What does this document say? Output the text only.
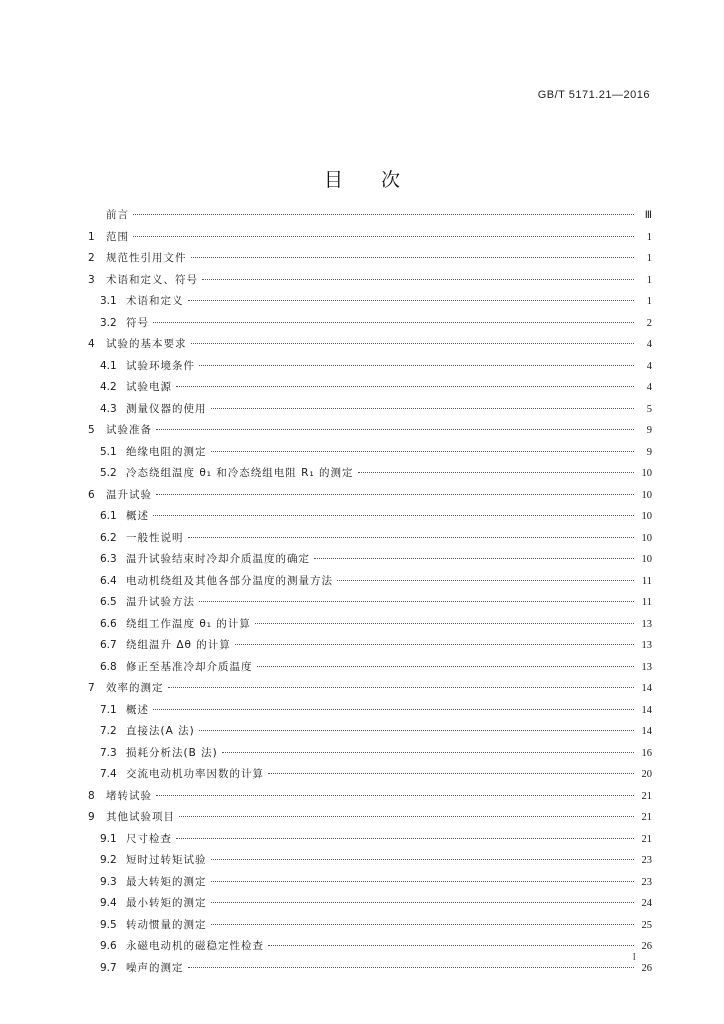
GB/T 5171.21—2016
目次
前言	Ⅲ
1	范围	1
2	规范性引用文件	1
3	术语和定义、符号	1
3.1 术语和定义	1
3.2 符号	2
4	试验的基本要求	4
4.1 试验环境条件	4
4.2 试验电源	4
4.3 测量仪器的使用	5
5	试验准备	9
5.1 绝缘电阻的测定	9
5.2 冷态绕组温度 θ₁ 和冷态绕组电阻 R₁ 的测定	10
6	温升试验	10
6.1 概述	10
6.2 一般性说明	10
6.3 温升试验结束时冷却介质温度的确定	10
6.4 电动机绕组及其他各部分温度的测量方法	11
6.5 温升试验方法	11
6.6 绕组工作温度 θ₁ 的计算	13
6.7 绕组温升 Δθ 的计算	13
6.8 修正至基准冷却介质温度	13
7	效率的测定	14
7.1 概述	14
7.2 直接法(A 法)	14
7.3 损耗分析法(B 法)	16
7.4 交流电动机功率因数的计算	20
8	堵转试验	21
9	其他试验项目	21
9.1 尺寸检查	21
9.2 短时过转矩试验	23
9.3 最大转矩的测定	23
9.4 最小转矩的测定	24
9.5 转动惯量的测定	25
9.6 永磁电动机的磁稳定性检查	26
9.7 噪声的测定	26
I
